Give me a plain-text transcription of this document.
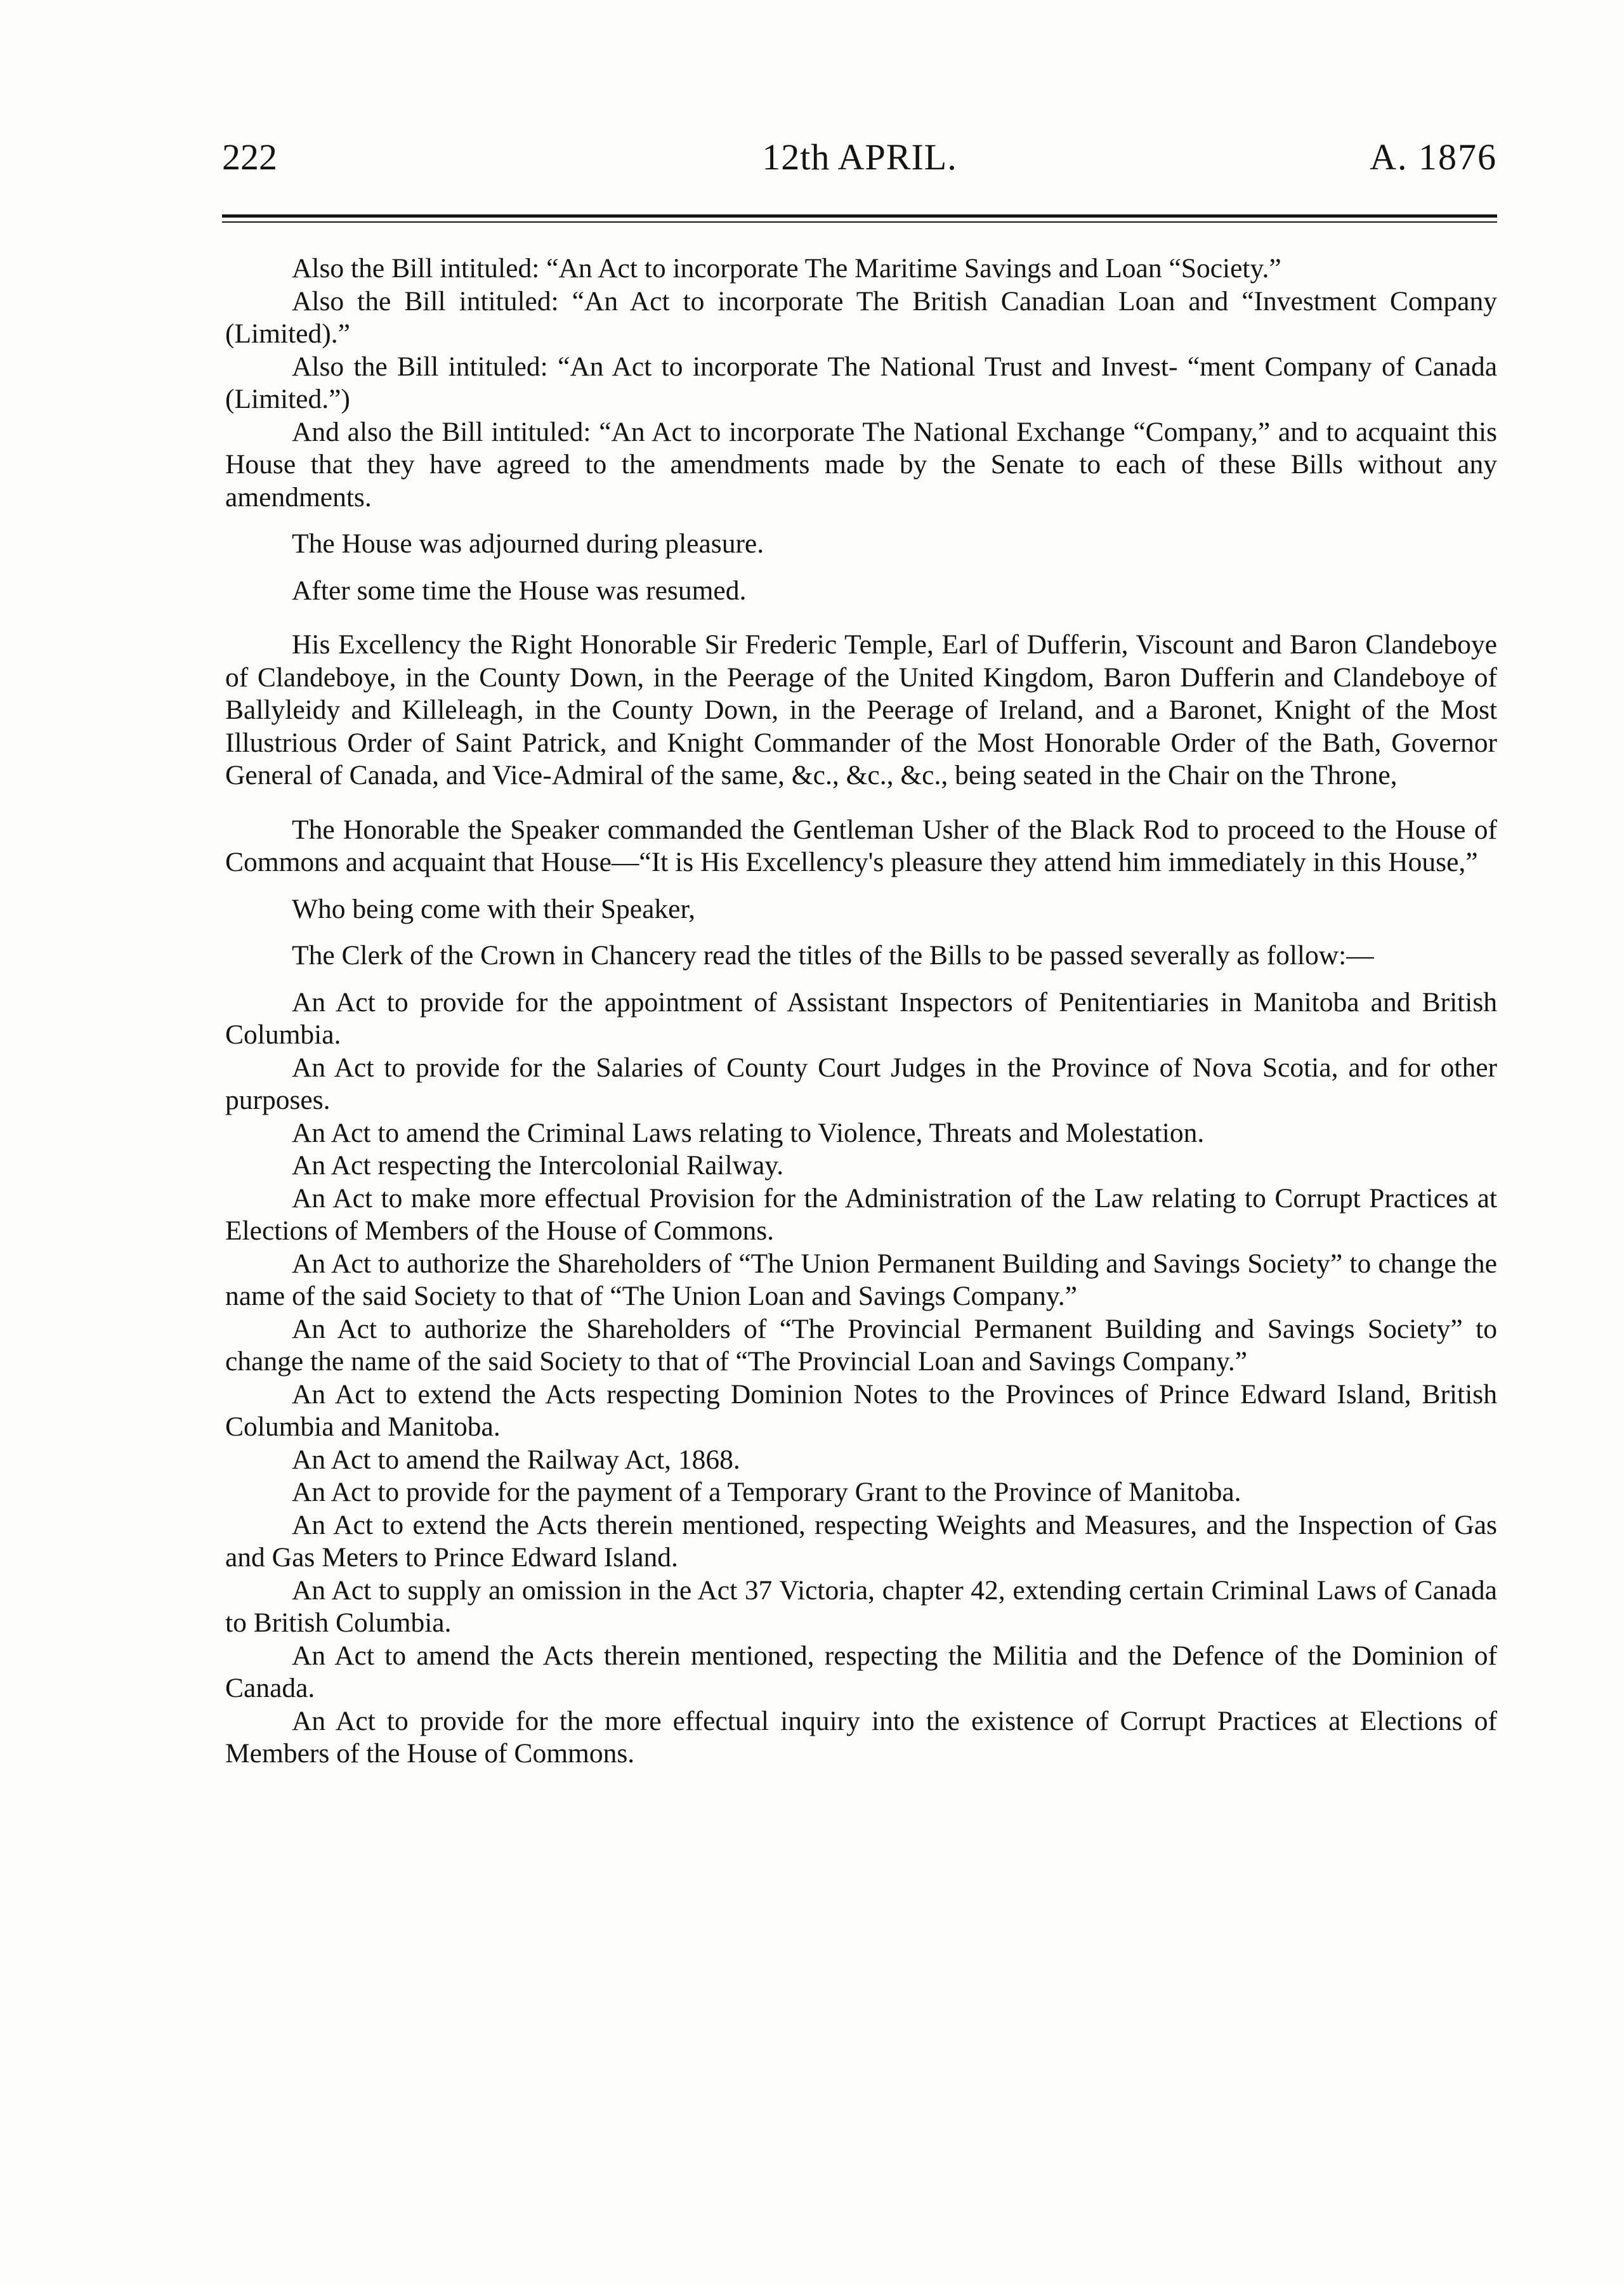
222	12th APRIL.	A. 1876

Also the Bill intituled: “An Act to incorporate The Maritime Savings and Loan “Society.”

Also the Bill intituled: “An Act to incorporate The British Canadian Loan and “Investment Company (Limited).”

Also the Bill intituled: “An Act to incorporate The National Trust and Invest- “ment Company of Canada (Limited.”)

And also the Bill intituled: “An Act to incorporate The National Exchange “Company,” and to acquaint this House that they have agreed to the amendments made by the Senate to each of these Bills without any amendments.

The House was adjourned during pleasure.

After some time the House was resumed.

His Excellency the Right Honorable Sir Frederic Temple, Earl of Dufferin, Viscount and Baron Clandeboye of Clandeboye, in the County Down, in the Peerage of the United Kingdom, Baron Dufferin and Clandeboye of Ballyleidy and Killeleagh, in the County Down, in the Peerage of Ireland, and a Baronet, Knight of the Most Illustrious Order of Saint Patrick, and Knight Commander of the Most Honorable Order of the Bath, Governor General of Canada, and Vice-Admiral of the same, &c., &c., &c., being seated in the Chair on the Throne,

The Honorable the Speaker commanded the Gentleman Usher of the Black Rod to proceed to the House of Commons and acquaint that House—“It is His Excellency's pleasure they attend him immediately in this House,”

Who being come with their Speaker,

The Clerk of the Crown in Chancery read the titles of the Bills to be passed severally as follow:—

An Act to provide for the appointment of Assistant Inspectors of Penitentiaries in Manitoba and British Columbia.

An Act to provide for the Salaries of County Court Judges in the Province of Nova Scotia, and for other purposes.

An Act to amend the Criminal Laws relating to Violence, Threats and Molestation.

An Act respecting the Intercolonial Railway.

An Act to make more effectual Provision for the Administration of the Law relating to Corrupt Practices at Elections of Members of the House of Commons.

An Act to authorize the Shareholders of “The Union Permanent Building and Savings Society” to change the name of the said Society to that of “The Union Loan and Savings Company.”

An Act to authorize the Shareholders of “The Provincial Permanent Building and Savings Society” to change the name of the said Society to that of “The Provincial Loan and Savings Company.”

An Act to extend the Acts respecting Dominion Notes to the Provinces of Prince Edward Island, British Columbia and Manitoba.

An Act to amend the Railway Act, 1868.

An Act to provide for the payment of a Temporary Grant to the Province of Manitoba.

An Act to extend the Acts therein mentioned, respecting Weights and Measures, and the Inspection of Gas and Gas Meters to Prince Edward Island.

An Act to supply an omission in the Act 37 Victoria, chapter 42, extending certain Criminal Laws of Canada to British Columbia.

An Act to amend the Acts therein mentioned, respecting the Militia and the Defence of the Dominion of Canada.

An Act to provide for the more effectual inquiry into the existence of Corrupt Practices at Elections of Members of the House of Commons.
